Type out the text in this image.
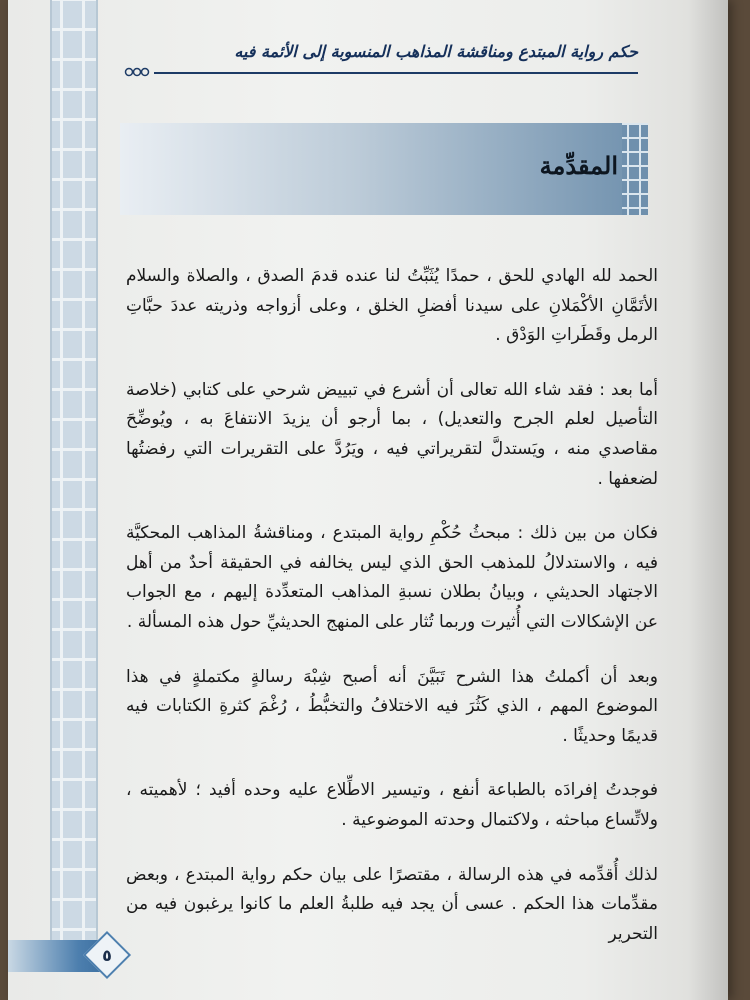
حكم رواية المبتدع ومناقشة المذاهب المنسوبة إلى الأئمة فيه
المقدِّمة

الحمد لله الهادي للحق ، حمدًا يُثَبِّتُ لنا عنده قدمَ الصدق ، والصلاة والسلام الأتَمَّانِ الأكْمَلانِ على سيدنا أفضلِ الخلق ، وعلى أزواجه وذريته عددَ حبَّاتِ الرمل وقَطَراتِ الوَدْق .

أما بعد : فقد شاء الله تعالى أن أشرع في تبييض شرحي على كتابي (خلاصة التأصيل لعلم الجرح والتعديل) ، بما أرجو أن يزيدَ الانتفاعَ به ، ويُوضِّحَ مقاصدي منه ، ويَستدلَّ لتقريراتي فيه ، ويَرُدَّ على التقريرات التي رفضتُها لضعفها .

فكان من بين ذلك : مبحثُ حُكْمِ رواية المبتدع ، ومناقشةُ المذاهب المحكيَّة فيه ، والاستدلالُ للمذهب الحق الذي ليس يخالفه في الحقيقة أحدٌ من أهل الاجتهاد الحديثي ، وبيانُ بطلان نسبةِ المذاهب المتعدِّدة إليهم ، مع الجواب عن الإشكالات التي أُثيرت وربما تُثار على المنهج الحديثيِّ حول هذه المسألة .

وبعد أن أكملتُ هذا الشرح تَبَيَّنَ أنه أصبح شِبْهَ رسالةٍ مكتملةٍ في هذا الموضوع المهم ، الذي كَثُرَ فيه الاختلافُ والتخبُّطُ ، رُغْمَ كثرةِ الكتابات فيه قديمًا وحديثًا .

فوجدتُ إفرادَه بالطباعة أنفع ، وتيسير الاطِّلاع عليه وحده أفيد ؛ لأهميته ، ولاتِّساع مباحثه ، ولاكتمال وحدته الموضوعية .

لذلك أُقدِّمه في هذه الرسالة ، مقتصرًا على بيان حكم رواية المبتدع ، وبعض مقدِّمات هذا الحكم . عسى أن يجد فيه طلبةُ العلم ما كانوا يرغبون فيه من التحرير

٥
